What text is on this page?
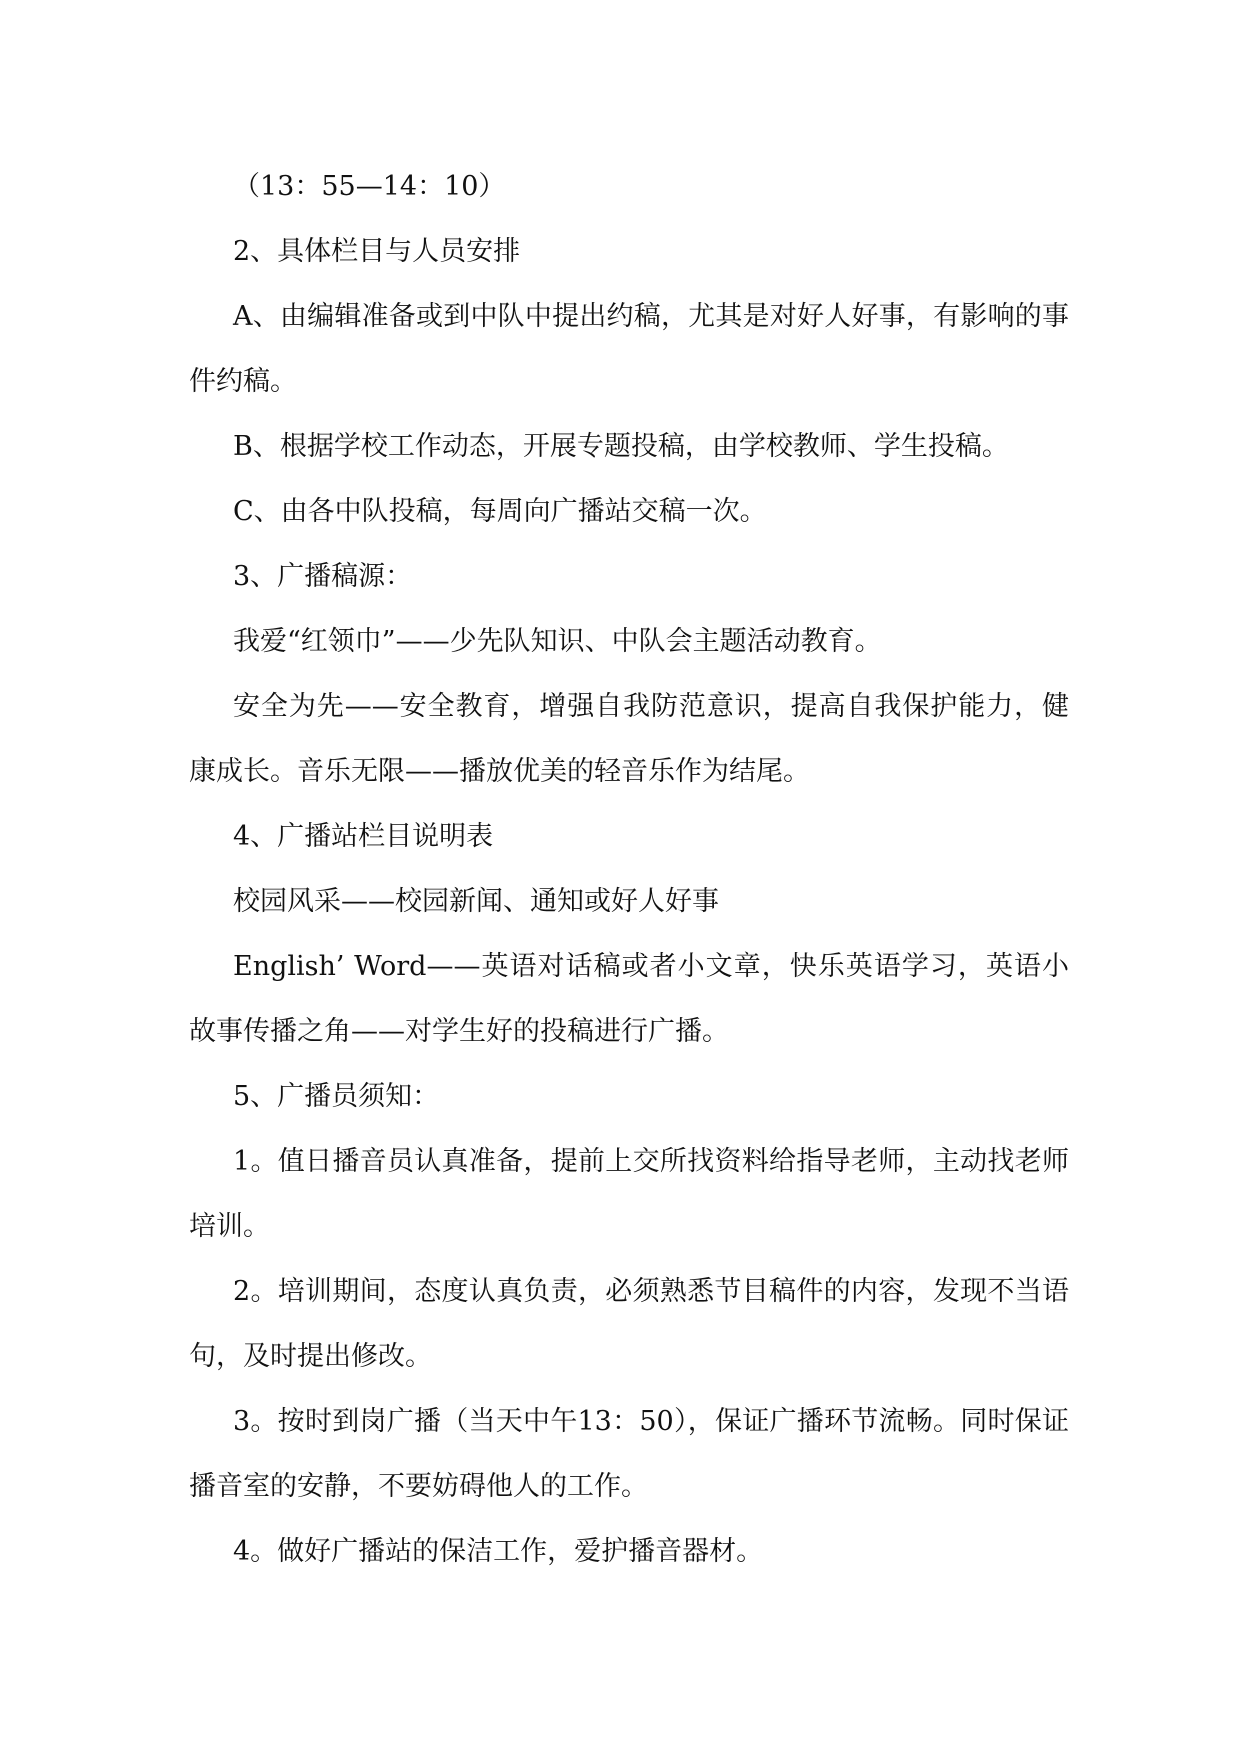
（13：55—14：10）

2、具体栏目与人员安排

A、由编辑准备或到中队中提出约稿，尤其是对好人好事，有影响的事件约稿。

B、根据学校工作动态，开展专题投稿，由学校教师、学生投稿。

C、由各中队投稿，每周向广播站交稿一次。

3、广播稿源：

我爱“红领巾”——少先队知识、中队会主题活动教育。

安全为先——安全教育，增强自我防范意识，提高自我保护能力，健康成长。音乐无限——播放优美的轻音乐作为结尾。

4、广播站栏目说明表

校园风采——校园新闻、通知或好人好事

English’ Word——英语对话稿或者小文章，快乐英语学习，英语小故事传播之角——对学生好的投稿进行广播。

5、广播员须知：

1。值日播音员认真准备，提前上交所找资料给指导老师，主动找老师培训。

2。培训期间，态度认真负责，必须熟悉节目稿件的内容，发现不当语句，及时提出修改。

3。按时到岗广播（当天中午13：50），保证广播环节流畅。同时保证播音室的安静，不要妨碍他人的工作。

4。做好广播站的保洁工作，爱护播音器材。
